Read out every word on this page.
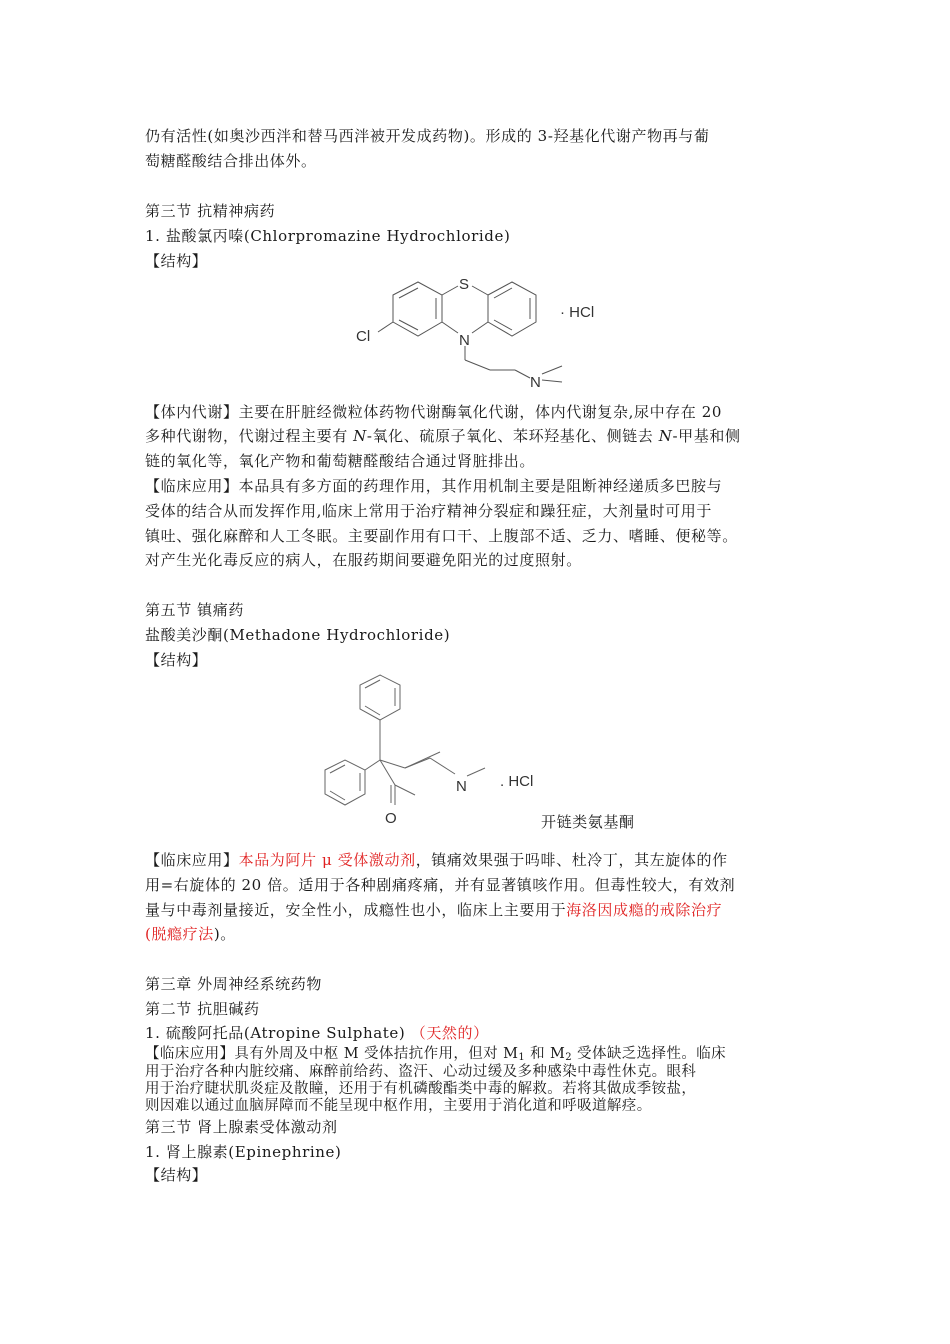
仍有活性(如奥沙西泮和替马西泮被开发成药物)。形成的 3-羟基化代谢产物再与葡
萄糖醛酸结合排出体外。
第三节 抗精神病药
1. 盐酸氯丙嗪(Chlorpromazine Hydrochloride)
【结构】
S
Cl	N
N
· HCl
【体内代谢】主要在肝脏经微粒体药物代谢酶氧化代谢，体内代谢复杂,尿中存在 20
多种代谢物，代谢过程主要有 N-氧化、硫原子氧化、苯环羟基化、侧链去 N-甲基和侧
链的氧化等，氧化产物和葡萄糖醛酸结合通过肾脏排出。
【临床应用】本品具有多方面的药理作用，其作用机制主要是阻断神经递质多巴胺与
受体的结合从而发挥作用,临床上常用于治疗精神分裂症和躁狂症，大剂量时可用于
镇吐、强化麻醉和人工冬眠。主要副作用有口干、上腹部不适、乏力、嗜睡、便秘等。
对产生光化毒反应的病人，在服药期间要避免阳光的过度照射。
第五节 镇痛药
盐酸美沙酮(Methadone Hydrochloride)
【结构】
N
O
. HCl
开链类氨基酮
【临床应用】本品为阿片 μ 受体激动剂，镇痛效果强于吗啡、杜冷丁，其左旋体的作
用=右旋体的 20 倍。适用于各种剧痛疼痛，并有显著镇咳作用。但毒性较大，有效剂
量与中毒剂量接近，安全性小，成瘾性也小，临床上主要用于海洛因成瘾的戒除治疗
(脱瘾疗法)。
第三章 外周神经系统药物
第二节 抗胆碱药
1. 硫酸阿托品(Atropine Sulphate) （天然的）
【临床应用】具有外周及中枢 M 受体拮抗作用，但对 $M_1$ 和 $M_2$ 受体缺乏选择性。临床
用于治疗各种内脏绞痛、麻醉前给药、盗汗、心动过缓及多种感染中毒性休克。眼科
用于治疗睫状肌炎症及散瞳，还用于有机磷酸酯类中毒的解救。若将其做成季铵盐，
则因难以通过血脑屏障而不能呈现中枢作用，主要用于消化道和呼吸道解痉。
第三节 肾上腺素受体激动剂
1. 肾上腺素(Epinephrine)
【结构】
